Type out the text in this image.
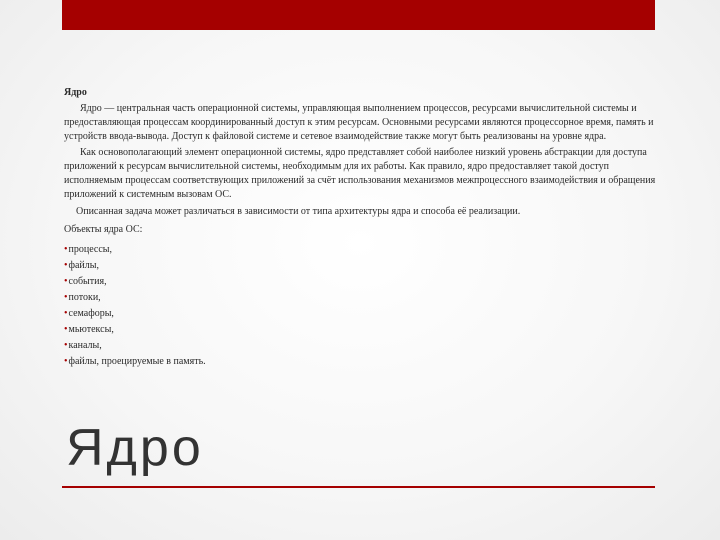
Ядро

Ядро — центральная часть операционной системы, управляющая выполнением процессов, ресурсами вычислительной системы и предоставляющая процессам координированный доступ к этим ресурсам. Основными ресурсами являются процессорное время, память и устройств ввода-вывода. Доступ к файловой системе и сетевое взаимодействие также могут быть реализованы на уровне ядра.

Как основополагающий элемент операционной системы, ядро представляет собой наиболее низкий уровень абстракции для доступа приложений к ресурсам вычислительной системы, необходимым для их работы. Как правило, ядро предоставляет такой доступ исполняемым процессам соответствующих приложений за счёт использования механизмов межпроцессного взаимодействия и обращения приложений к системным вызовам ОС.

Описанная задача может различаться в зависимости от типа архитектуры ядра и способа её реализации.

Объекты ядра ОС:
•процессы,
•файлы,
•события,
•потоки,
•семафоры,
•мьютексы,
•каналы,
•файлы, проецируемые в память.
Ядро
